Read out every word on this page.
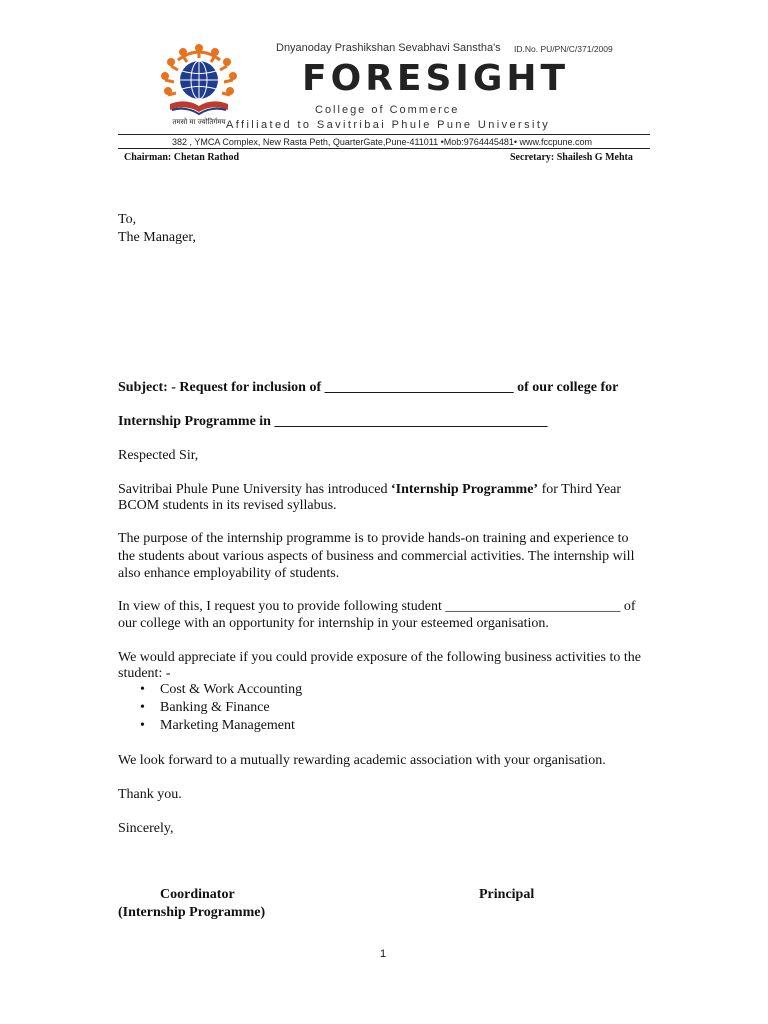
तमसो मा ज्योतिर्गमय
Dnyanoday Prashikshan Sevabhavi Sanstha's ID.No. PU/PN/C/371/2009
FORESIGHT
College of Commerce
Affiliated to Savitribai Phule Pune University
382 , YMCA Complex, New Rasta Peth, QuarterGate,Pune-411011 •Mob:9764445481• www.fccpune.com
Chairman: Chetan Rathod	Secretary: Shailesh G Mehta
To,
The Manager,
Subject: - Request for inclusion of ___________________________ of our college for
Internship Programme in _______________________________________
Respected Sir,
Savitribai Phule Pune University has introduced ‘Internship Programme’ for Third Year
BCOM students in its revised syllabus.
The purpose of the internship programme is to provide hands-on training and experience to
the students about various aspects of business and commercial activities. The internship will
also enhance employability of students.
In view of this, I request you to provide following student _________________________ of
our college with an opportunity for internship in your esteemed organisation.
We would appreciate if you could provide exposure of the following business activities to the
student: -
• Cost & Work Accounting
• Banking & Finance
• Marketing Management
We look forward to a mutually rewarding academic association with your organisation.
Thank you.
Sincerely,
Coordinator	Principal
(Internship Programme)
1
